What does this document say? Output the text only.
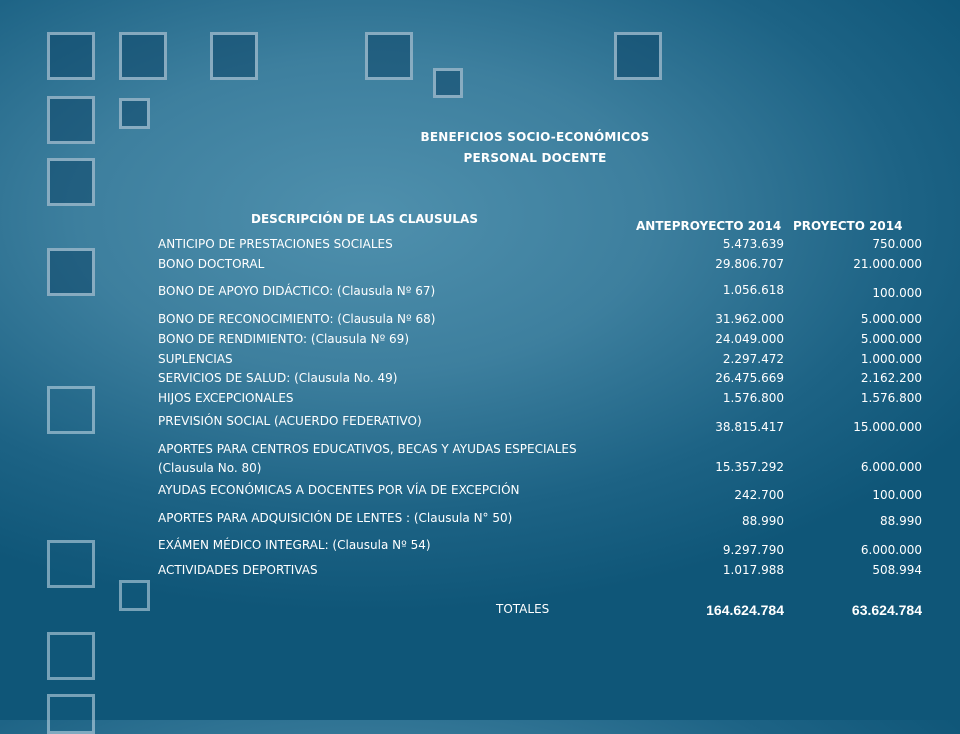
BENEFICIOS SOCIO-ECONÓMICOS
PERSONAL DOCENTE
DESCRIPCIÓN DE LAS CLAUSULAS	ANTEPROYECTO 2014 PROYECTO 2014
ANTICIPO DE PRESTACIONES SOCIALES	5.473.639	750.000
BONO DOCTORAL	29.806.707	21.000.000
BONO DE APOYO DIDÁCTICO: (Clausula Nº 67)	1.056.618	100.000
BONO DE RECONOCIMIENTO: (Clausula Nº 68)	31.962.000	5.000.000
BONO DE RENDIMIENTO: (Clausula Nº 69)	24.049.000	5.000.000
SUPLENCIAS	2.297.472	1.000.000
SERVICIOS DE SALUD: (Clausula No. 49)	26.475.669	2.162.200
HIJOS EXCEPCIONALES	1.576.800	1.576.800
PREVISIÓN SOCIAL (ACUERDO FEDERATIVO)	38.815.417	15.000.000
APORTES PARA CENTROS EDUCATIVOS, BECAS Y AYUDAS ESPECIALES (Clausula No. 80)	15.357.292	6.000.000
AYUDAS ECONÓMICAS A DOCENTES POR VÍA DE EXCEPCIÓN	242.700	100.000
APORTES PARA ADQUISICIÓN DE LENTES : (Clausula N° 50)	88.990	88.990
EXÁMEN MÉDICO INTEGRAL: (Clausula Nº 54)	9.297.790	6.000.000
ACTIVIDADES DEPORTIVAS	1.017.988	508.994
TOTALES	164.624.784	63.624.784
